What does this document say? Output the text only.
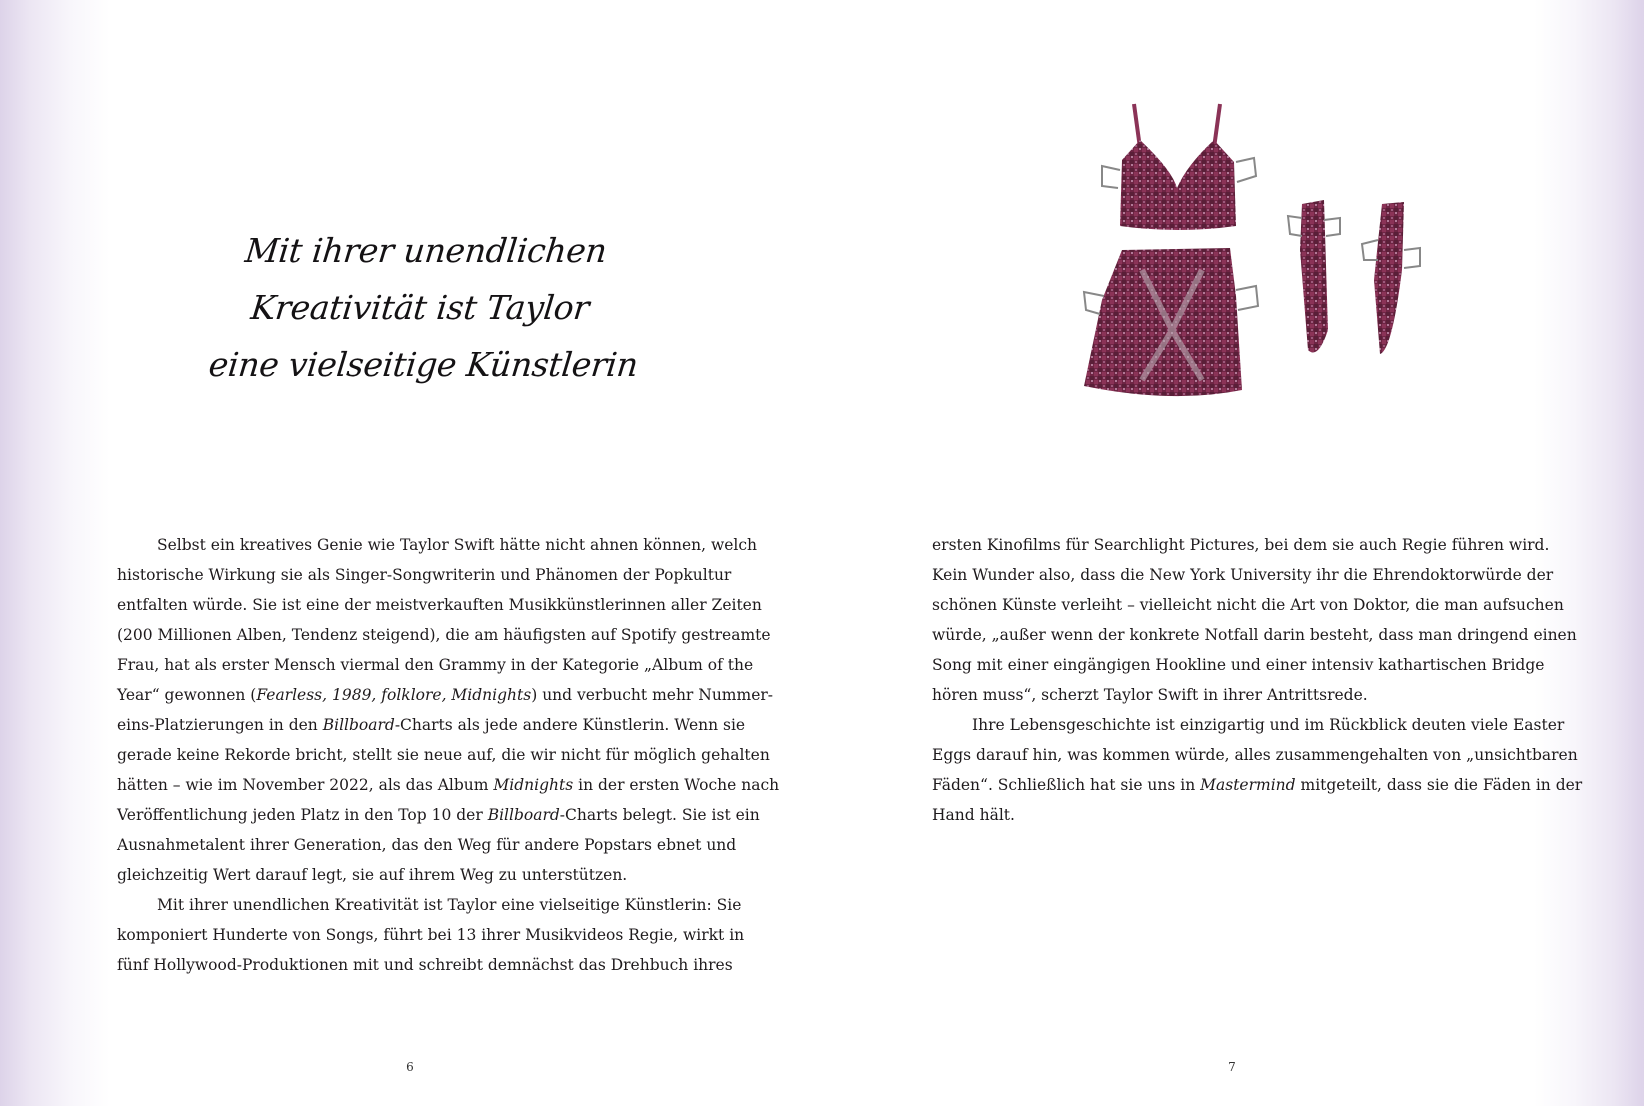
Mit ihrer unendlichen
Kreativität ist Taylor
eine vielseitige Künstlerin
Selbst ein kreatives Genie wie Taylor Swift hätte nicht ahnen können, welch
historische Wirkung sie als Singer-Songwriterin und Phänomen der Popkultur
entfalten würde. Sie ist eine der meistverkauften Musikkünstlerinnen aller Zeiten
(200 Millionen Alben, Tendenz steigend), die am häufigsten auf Spotify gestreamte
Frau, hat als erster Mensch viermal den Grammy in der Kategorie „Album of the
Year“ gewonnen (Fearless, 1989, folklore, Midnights) und verbucht mehr Nummer-
eins-Platzierungen in den Billboard-Charts als jede andere Künstlerin. Wenn sie
gerade keine Rekorde bricht, stellt sie neue auf, die wir nicht für möglich gehalten
hätten – wie im November 2022, als das Album Midnights in der ersten Woche nach
Veröffentlichung jeden Platz in den Top 10 der Billboard-Charts belegt. Sie ist ein
Ausnahmetalent ihrer Generation, das den Weg für andere Popstars ebnet und
gleichzeitig Wert darauf legt, sie auf ihrem Weg zu unterstützen.
Mit ihrer unendlichen Kreativität ist Taylor eine vielseitige Künstlerin: Sie
komponiert Hunderte von Songs, führt bei 13 ihrer Musikvideos Regie, wirkt in
fünf Hollywood-Produktionen mit und schreibt demnächst das Drehbuch ihres
6
ersten Kinofilms für Searchlight Pictures, bei dem sie auch Regie führen wird.
Kein Wunder also, dass die New York University ihr die Ehrendoktorwürde der
schönen Künste verleiht – vielleicht nicht die Art von Doktor, die man aufsuchen
würde, „außer wenn der konkrete Notfall darin besteht, dass man dringend einen
Song mit einer eingängigen Hookline und einer intensiv kathartischen Bridge
hören muss“, scherzt Taylor Swift in ihrer Antrittsrede.
Ihre Lebensgeschichte ist einzigartig und im Rückblick deuten viele Easter
Eggs darauf hin, was kommen würde, alles zusammengehalten von „unsichtbaren
Fäden“. Schließlich hat sie uns in Mastermind mitgeteilt, dass sie die Fäden in der
Hand hält.
7
